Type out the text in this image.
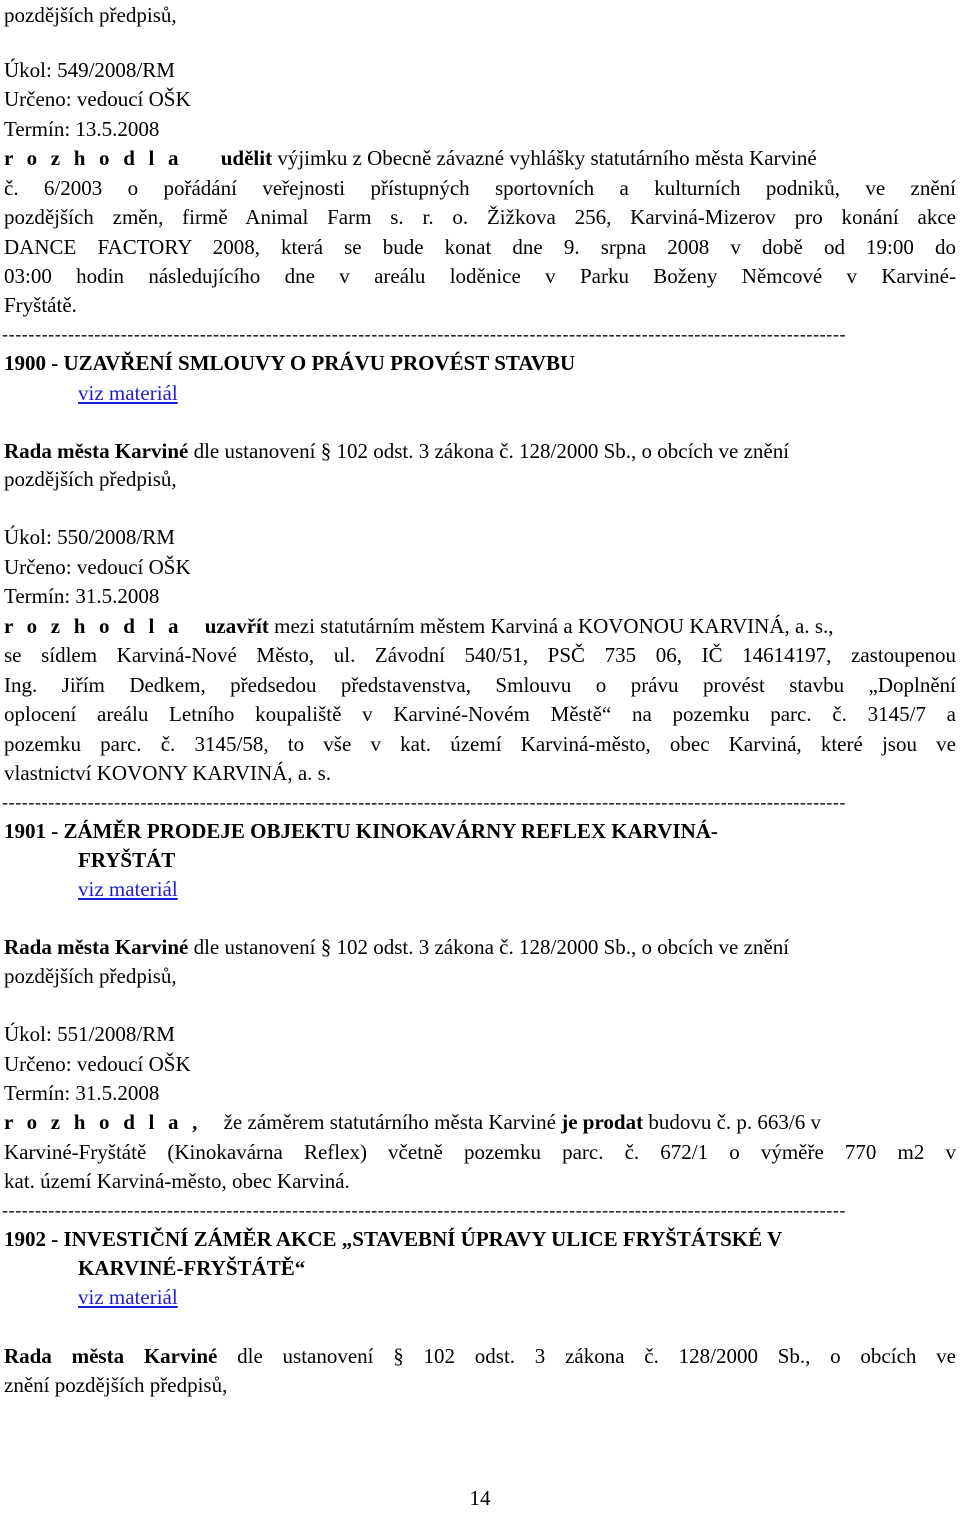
pozdějších předpisů,
Úkol: 549/2008/RM
Určeno: vedoucí OŠK
Termín: 13.5.2008
r o z h o d l a udělit výjimku z Obecně závazné vyhlášky statutárního města Karviné
č. 6/2003 o pořádání veřejnosti přístupných sportovních a kulturních podniků, ve znění
pozdějších změn, firmě Animal Farm s. r. o. Žižkova 256, Karviná-Mizerov pro konání akce
DANCE FACTORY 2008, která se bude konat dne 9. srpna 2008 v době od 19:00 do
03:00 hodin následujícího dne v areálu loděnice v Parku Boženy Němcové v Karviné-
Fryštátě.
--------------------------------------------------------------------------------------------------------------------------------
1900 - UZAVŘENÍ SMLOUVY O PRÁVU PROVÉST STAVBU
viz materiál
Rada města Karviné dle ustanovení § 102 odst. 3 zákona č. 128/2000 Sb., o obcích ve znění
pozdějších předpisů,
Úkol: 550/2008/RM
Určeno: vedoucí OŠK
Termín: 31.5.2008
r o z h o d l a uzavřít mezi statutárním městem Karviná a KOVONOU KARVINÁ, a. s.,
se sídlem Karviná-Nové Město, ul. Závodní 540/51, PSČ 735 06, IČ 14614197, zastoupenou
Ing. Jiřím Dedkem, předsedou představenstva, Smlouvu o právu provést stavbu „Doplnění
oplocení areálu Letního koupaliště v Karviné-Novém Městě“ na pozemku parc. č. 3145/7 a
pozemku parc. č. 3145/58, to vše v kat. území Karviná-město, obec Karviná, které jsou ve
vlastnictví KOVONY KARVINÁ, a. s.
--------------------------------------------------------------------------------------------------------------------------------
1901 - ZÁMĚR PRODEJE OBJEKTU KINOKAVÁRNY REFLEX KARVINÁ-
FRYŠTÁT
viz materiál
Rada města Karviné dle ustanovení § 102 odst. 3 zákona č. 128/2000 Sb., o obcích ve znění
pozdějších předpisů,
Úkol: 551/2008/RM
Určeno: vedoucí OŠK
Termín: 31.5.2008
r o z h o d l a , že záměrem statutárního města Karviné je prodat budovu č. p. 663/6 v
Karviné-Fryštátě (Kinokavárna Reflex) včetně pozemku parc. č. 672/1 o výměře 770 m2 v
kat. území Karviná-město, obec Karviná.
--------------------------------------------------------------------------------------------------------------------------------
1902 - INVESTIČNÍ ZÁMĚR AKCE „STAVEBNÍ ÚPRAVY ULICE FRYŠTÁTSKÉ V
KARVINÉ-FRYŠTÁTĚ“
viz materiál
Rada města Karviné dle ustanovení § 102 odst. 3 zákona č. 128/2000 Sb., o obcích ve
znění pozdějších předpisů,
14
